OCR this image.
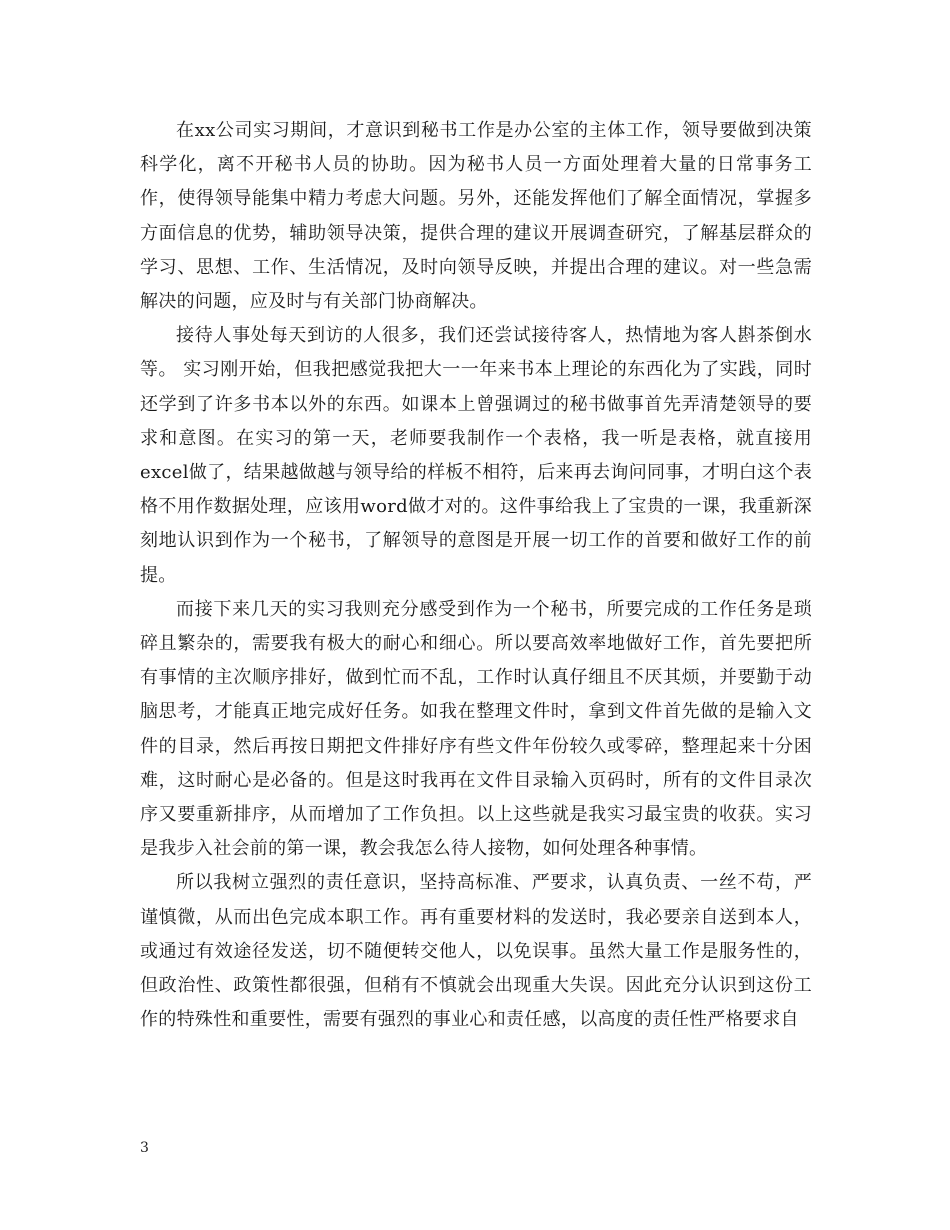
在xx公司实习期间，才意识到秘书工作是办公室的主体工作，领导要做到决策科学化，离不开秘书人员的协助。因为秘书人员一方面处理着大量的日常事务工作，使得领导能集中精力考虑大问题。另外，还能发挥他们了解全面情况，掌握多方面信息的优势，辅助领导决策，提供合理的建议开展调查研究，了解基层群众的学习、思想、工作、生活情况，及时向领导反映，并提出合理的建议。对一些急需解决的问题，应及时与有关部门协商解决。

接待人事处每天到访的人很多，我们还尝试接待客人，热情地为客人斟茶倒水等。 实习刚开始，但我把感觉我把大一一年来书本上理论的东西化为了实践，同时还学到了许多书本以外的东西。如课本上曾强调过的秘书做事首先弄清楚领导的要求和意图。在实习的第一天，老师要我制作一个表格，我一听是表格，就直接用excel做了，结果越做越与领导给的样板不相符，后来再去询问同事，才明白这个表格不用作数据处理，应该用word做才对的。这件事给我上了宝贵的一课，我重新深刻地认识到作为一个秘书，了解领导的意图是开展一切工作的首要和做好工作的前提。

而接下来几天的实习我则充分感受到作为一个秘书，所要完成的工作任务是琐碎且繁杂的，需要我有极大的耐心和细心。所以要高效率地做好工作，首先要把所有事情的主次顺序排好，做到忙而不乱，工作时认真仔细且不厌其烦，并要勤于动脑思考，才能真正地完成好任务。如我在整理文件时，拿到文件首先做的是输入文件的目录，然后再按日期把文件排好序有些文件年份较久或零碎，整理起来十分困难，这时耐心是必备的。但是这时我再在文件目录输入页码时，所有的文件目录次序又要重新排序，从而增加了工作负担。以上这些就是我实习最宝贵的收获。实习是我步入社会前的第一课，教会我怎么待人接物，如何处理各种事情。

所以我树立强烈的责任意识，坚持高标准、严要求，认真负责、一丝不苟，严谨慎微，从而出色完成本职工作。再有重要材料的发送时，我必要亲自送到本人，或通过有效途径发送，切不随便转交他人，以免误事。虽然大量工作是服务性的，但政治性、政策性都很强，但稍有不慎就会出现重大失误。因此充分认识到这份工作的特殊性和重要性，需要有强烈的事业心和责任感，以高度的责任性严格要求自

3
